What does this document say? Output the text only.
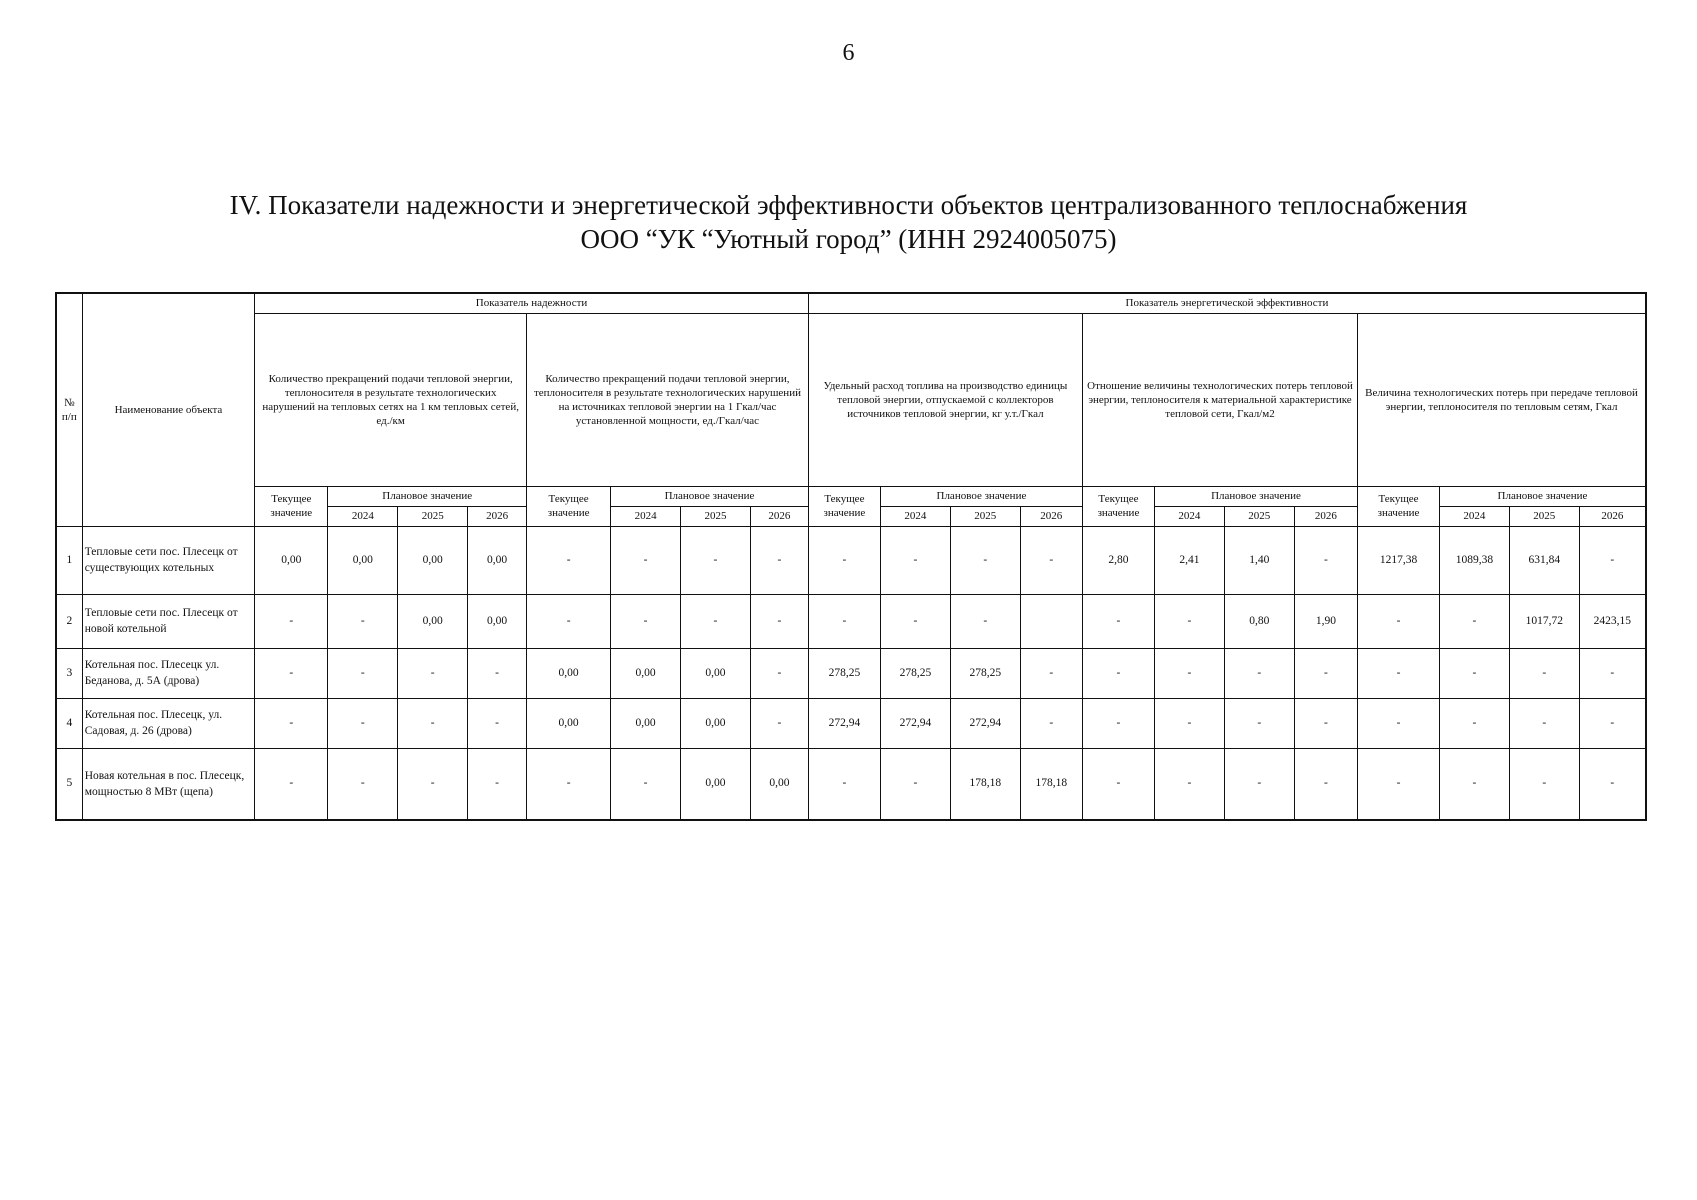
6
IV. Показатели надежности и энергетической эффективности объектов централизованного теплоснабжения
ООО “УК “Уютный город” (ИНН 2924005075)
№ п/п	Наименование объекта	Показатель надежности								Показатель энергетической эффективности											
		Количество прекращений подачи тепловой энергии, теплоносителя в результате технологических нарушений на тепловых сетях на 1 км тепловых сетей, ед./км				Количество прекращений подачи тепловой энергии, теплоносителя в результате технологических нарушений на источниках тепловой энергии на 1 Гкал/час установленной мощности, ед./Гкал/час				Удельный расход топлива на производство единицы тепловой энергии, отпускаемой с коллекторов источников тепловой энергии, кг у.т./Гкал				Отношение величины технологических потерь тепловой энергии, теплоносителя к материальной характеристике тепловой сети, Гкал/м2				Величина технологических потерь при передаче тепловой энергии, теплоносителя по тепловым сетям, Гкал			
		Текущее значение	Плановое значение			Текущее значение	Плановое значение			Текущее значение	Плановое значение			Текущее значение	Плановое значение			Текущее значение	Плановое значение		
			2024	2025	2026		2024	2025	2026		2024	2025	2026		2024	2025	2026		2024	2025	2026
1	Тепловые сети пос. Плесецк от существующих котельных	0,00	0,00	0,00	0,00	-	-	-	-	-	-	-	-	2,80	2,41	1,40	-	1217,38	1089,38	631,84	-
2	Тепловые сети пос. Плесецк от новой котельной	-	-	0,00	0,00	-	-	-	-	-	-	-		-	-	0,80	1,90	-	-	1017,72	2423,15
3	Котельная пос. Плесецк ул. Беданова, д. 5А (дрова)	-	-	-	-	0,00	0,00	0,00	-	278,25	278,25	278,25	-	-	-	-	-	-	-	-	-
4	Котельная пос. Плесецк, ул. Садовая, д. 26 (дрова)	-	-	-	-	0,00	0,00	0,00	-	272,94	272,94	272,94	-	-	-	-	-	-	-	-	-
5	Новая котельная в пос. Плесецк, мощностью 8 МВт (щепа)	-	-	-	-	-	-	0,00	0,00	-	-	178,18	178,18	-	-	-	-	-	-	-	-
